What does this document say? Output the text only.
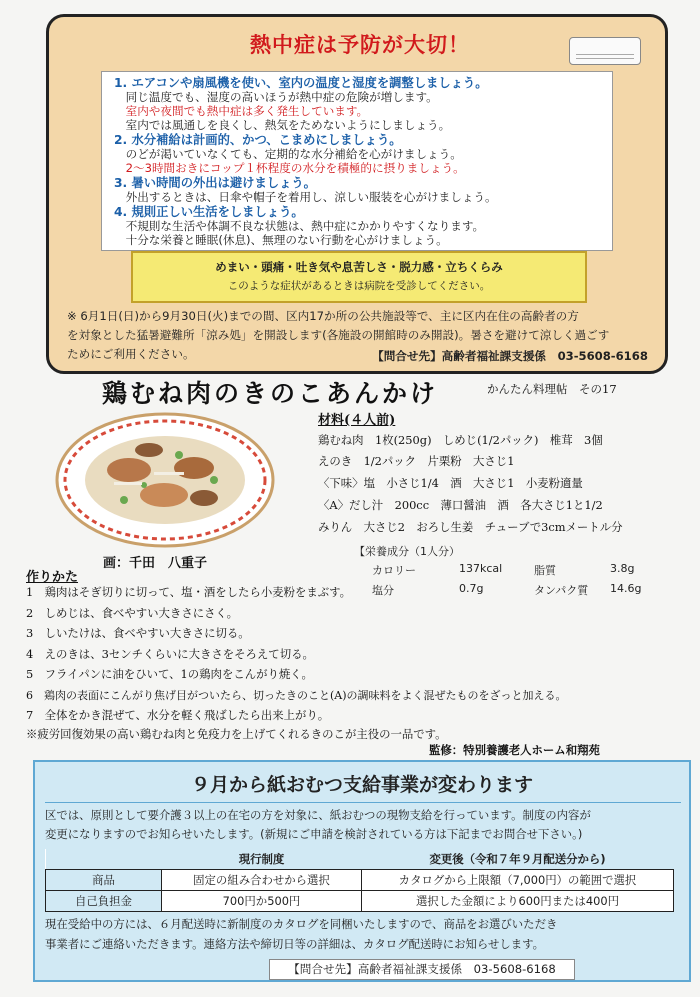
熱中症は予防が大切！
1. エアコンや扇風機を使い、室内の温度と湿度を調整しましょう。
　同じ温度でも、湿度の高いほうが熱中症の危険が増します。
　室内や夜間でも熱中症は多く発生しています。
　室内では風通しを良くし、熱気をためないようにしましょう。
2. 水分補給は計画的、かつ、こまめにしましょう。
　のどが渇いていなくても、定期的な水分補給を心がけましょう。
　2〜3時間おきにコップ１杯程度の水分を積極的に摂りましょう。
3. 暑い時間の外出は避けましょう。
　外出するときは、日傘や帽子を着用し、涼しい服装を心がけましょう。
4. 規則正しい生活をしましょう。
　不規則な生活や体調不良な状態は、熱中症にかかりやすくなります。
　十分な栄養と睡眠(休息)、無理のない行動を心がけましょう。
めまい・頭痛・吐き気や息苦しさ・脱力感・立ちくらみ
このような症状があるときは病院を受診してください。
※ 6月1日(日)から9月30日(火)までの間、区内17か所の公共施設等で、主に区内在住の高齢者の方
を対象とした猛暑避難所「涼み処」を開設します(各施設の開館時のみ開設)。暑さを避けて涼しく過ごす
ためにご利用ください。	【問合せ先】高齢者福祉課支援係　03-5608-6168
鶏むね肉のきのこあんかけ	かんたん料理帖　その17
画：千田　八重子
材料(４人前)
鶏むね肉　1枚(250g)　しめじ(1/2パック)　椎茸　3個
えのき　1/2パック　片栗粉　大さじ1
〈下味〉塩　小さじ1/4　酒　大さじ1　小麦粉適量
〈A〉だし汁　200cc　薄口醤油　酒　各大さじ1と1/2
みりん　大さじ2　おろし生姜　チューブで3cmメートル分
【栄養成分（1人分）
カロリー	137kcal	脂質	3.8g
塩分	0.7g	タンパク質 14.6g
作りかた
1　鶏肉はそぎ切りに切って、塩・酒をしたら小麦粉をまぶす。
2　しめじは、食べやすい大きさにさく。
3　しいたけは、食べやすい大きさに切る。
4　えのきは、3センチくらいに大きさをそろえて切る。
5　フライパンに油をひいて、1の鶏肉をこんがり焼く。
6　鶏肉の表面にこんがり焦げ目がついたら、切ったきのこと(A)の調味料をよく混ぜたものをざっと加える。
7　全体をかき混ぜて、水分を軽く飛ばしたら出来上がり。
※疲労回復効果の高い鶏むね肉と免疫力を上げてくれるきのこが主役の一品です。
監修：特別養護老人ホーム和翔苑
９月から紙おむつ支給事業が変わります
区では、原則として要介護３以上の在宅の方を対象に、紙おむつの現物支給を行っています。制度の内容が
変更になりますのでお知らせいたします。(新規にご申請を検討されている方は下記までお問合せ下さい。)
	現行制度	変更後（令和７年９月配送分から)
商品	固定の組み合わせから選択	カタログから上限額（7,000円）の範囲で選択
自己負担金	700円か500円	選択した金額により600円または400円
現在受給中の方には、６月配送時に新制度のカタログを同梱いたしますので、商品をお選びいただき
事業者にご連絡いただきます。連絡方法や締切日等の詳細は、カタログ配送時にお知らせします。
【問合せ先】高齢者福祉課支援係　03-5608-6168
